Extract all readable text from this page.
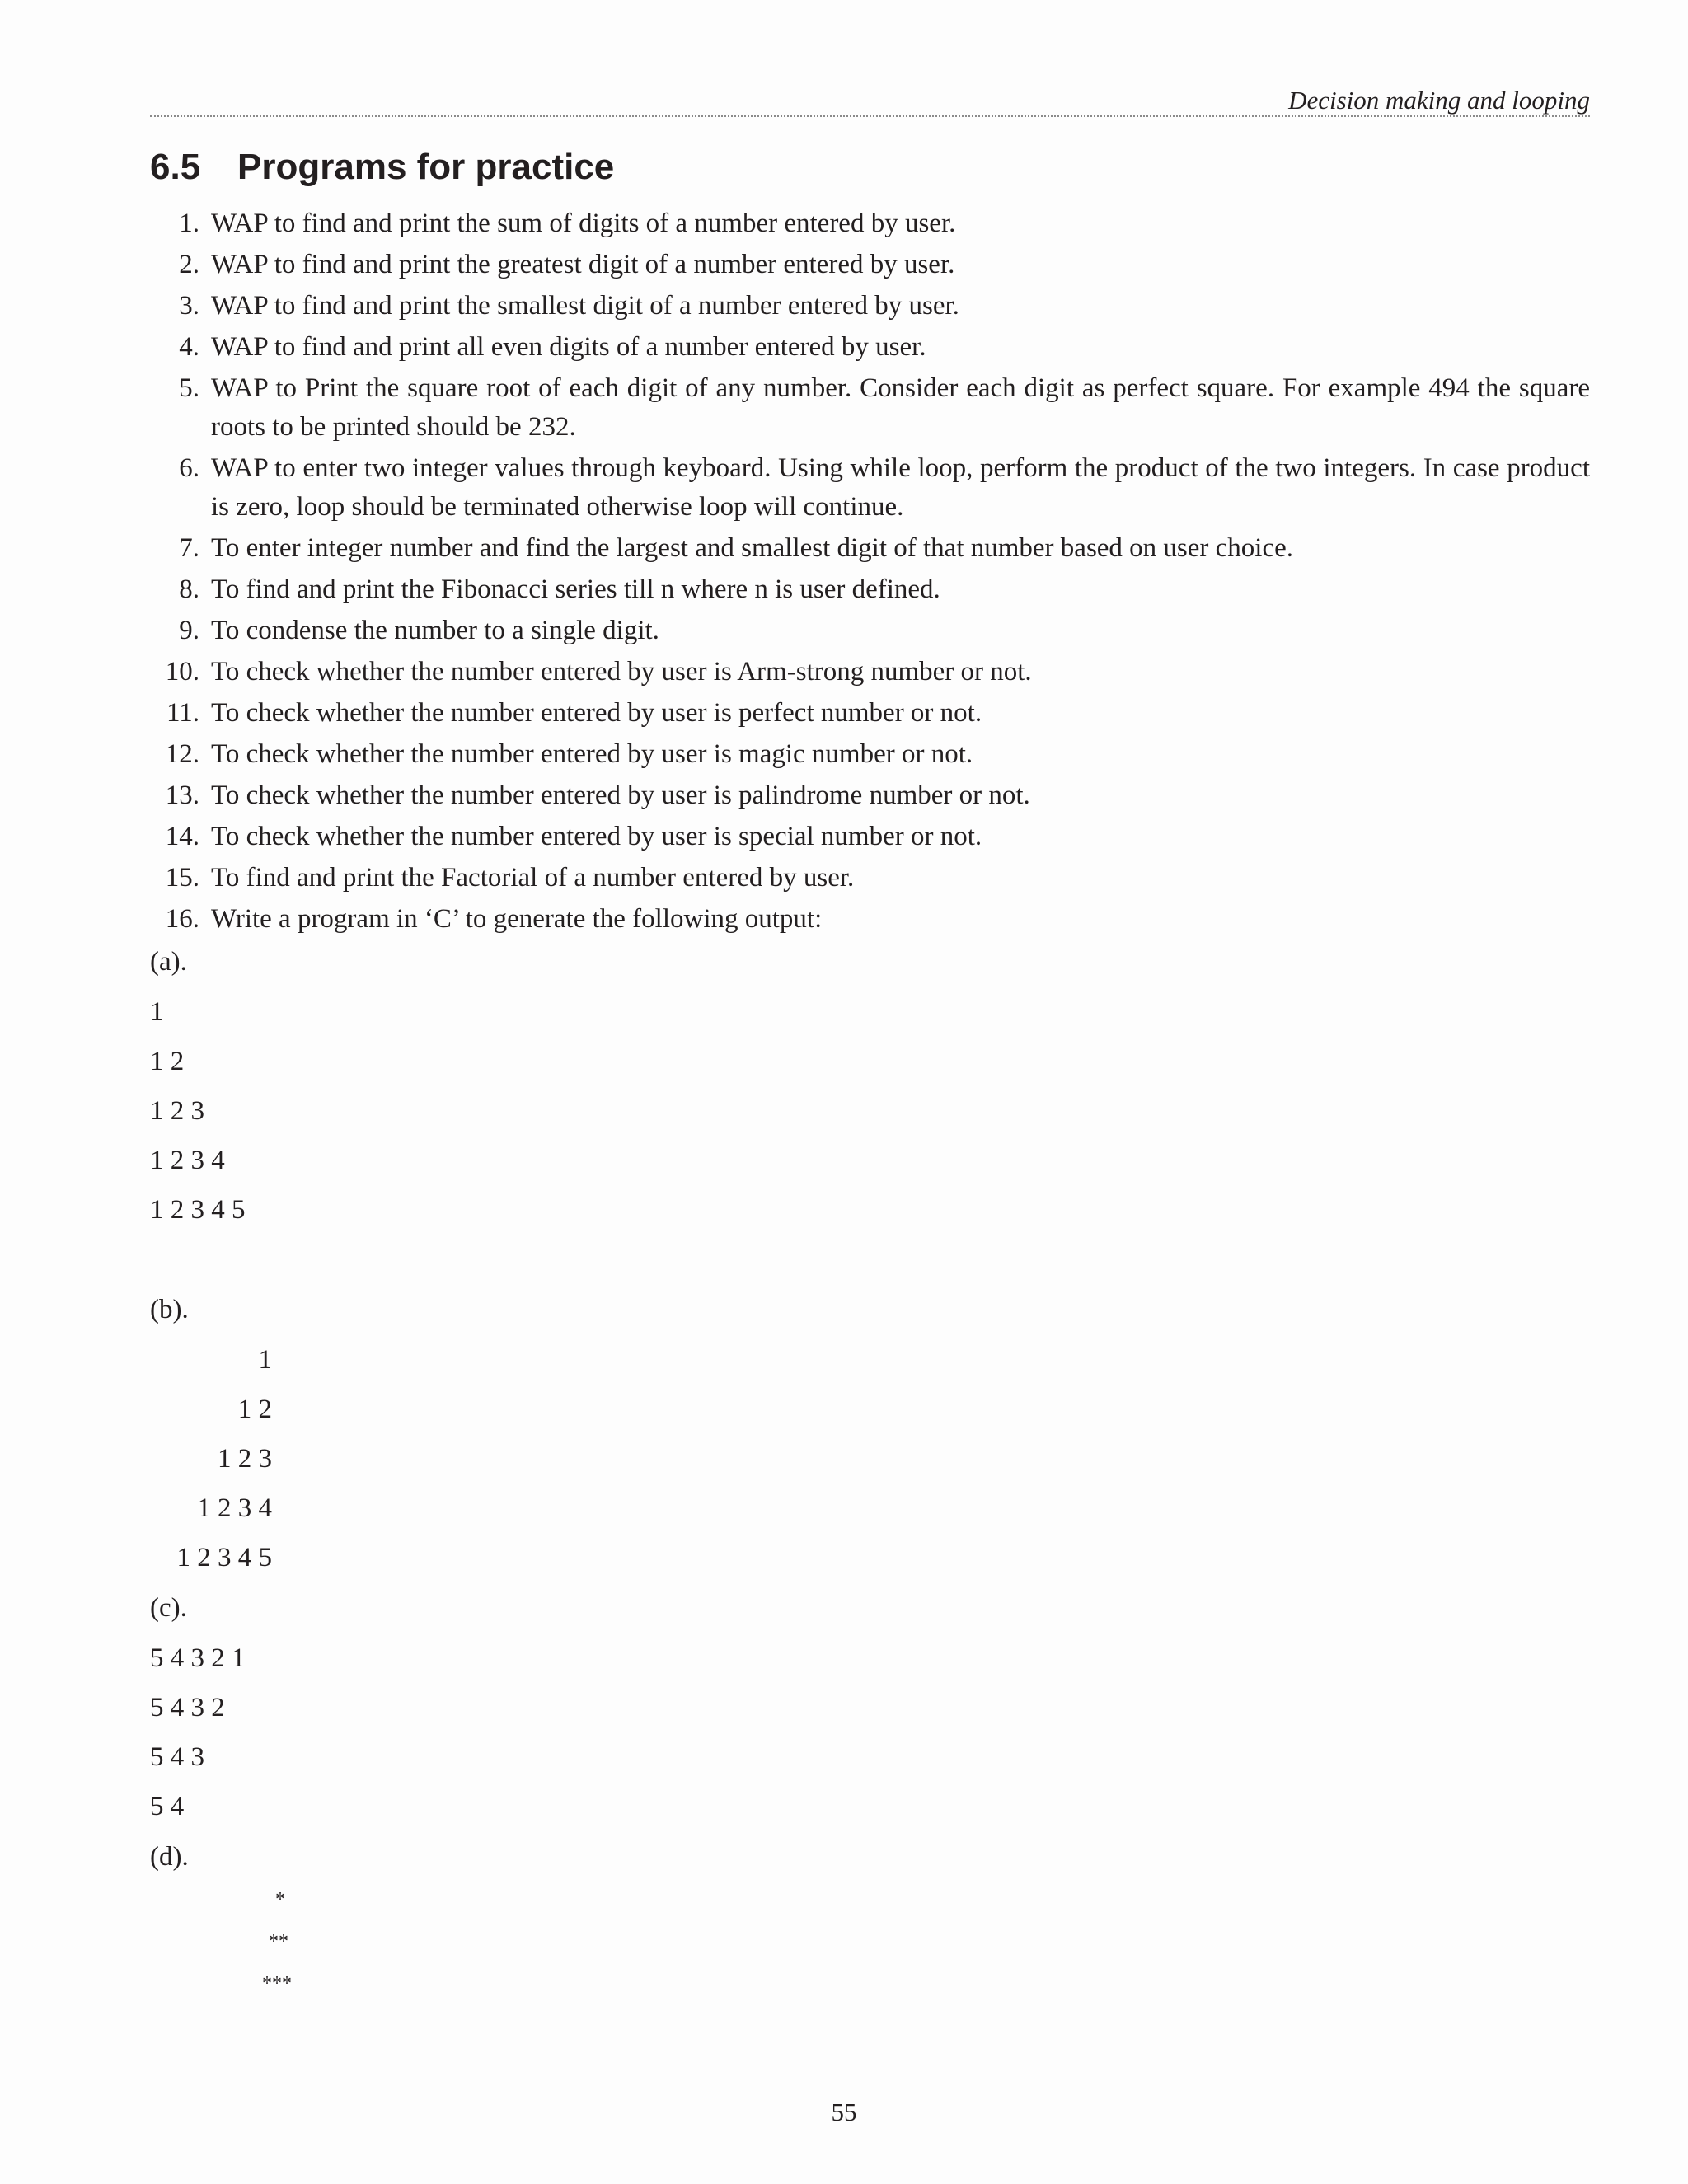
Decision making and looping
6.5 Programs for practice
1. WAP to find and print the sum of digits of a number entered by user.
2. WAP to find and print the greatest digit of a number entered by user.
3. WAP to find and print the smallest digit of a number entered by user.
4. WAP to find and print all even digits of a number entered by user.
5. WAP to Print the square root of each digit of any number. Consider each digit as perfect square. For example 494 the square roots to be printed should be 232.
6. WAP to enter two integer values through keyboard. Using while loop, perform the product of the two integers. In case product is zero, loop should be terminated otherwise loop will continue.
7. To enter integer number and find the largest and smallest digit of that number based on user choice.
8. To find and print the Fibonacci series till n where n is user defined.
9. To condense the number to a single digit.
10. To check whether the number entered by user is Arm-strong number or not.
11. To check whether the number entered by user is perfect number or not.
12. To check whether the number entered by user is magic number or not.
13. To check whether the number entered by user is palindrome number or not.
14. To check whether the number entered by user is special number or not.
15. To find and print the Factorial of a number entered by user.
16. Write a program in ‘C’ to generate the following output:
(a).
1
1 2
1 2 3
1 2 3 4
1 2 3 4 5
(b).
1
1 2
1 2 3
1 2 3 4
1 2 3 4 5
(c).
5 4 3 2 1
5 4 3 2
5 4 3
5 4
(d).
*
**
***
55
